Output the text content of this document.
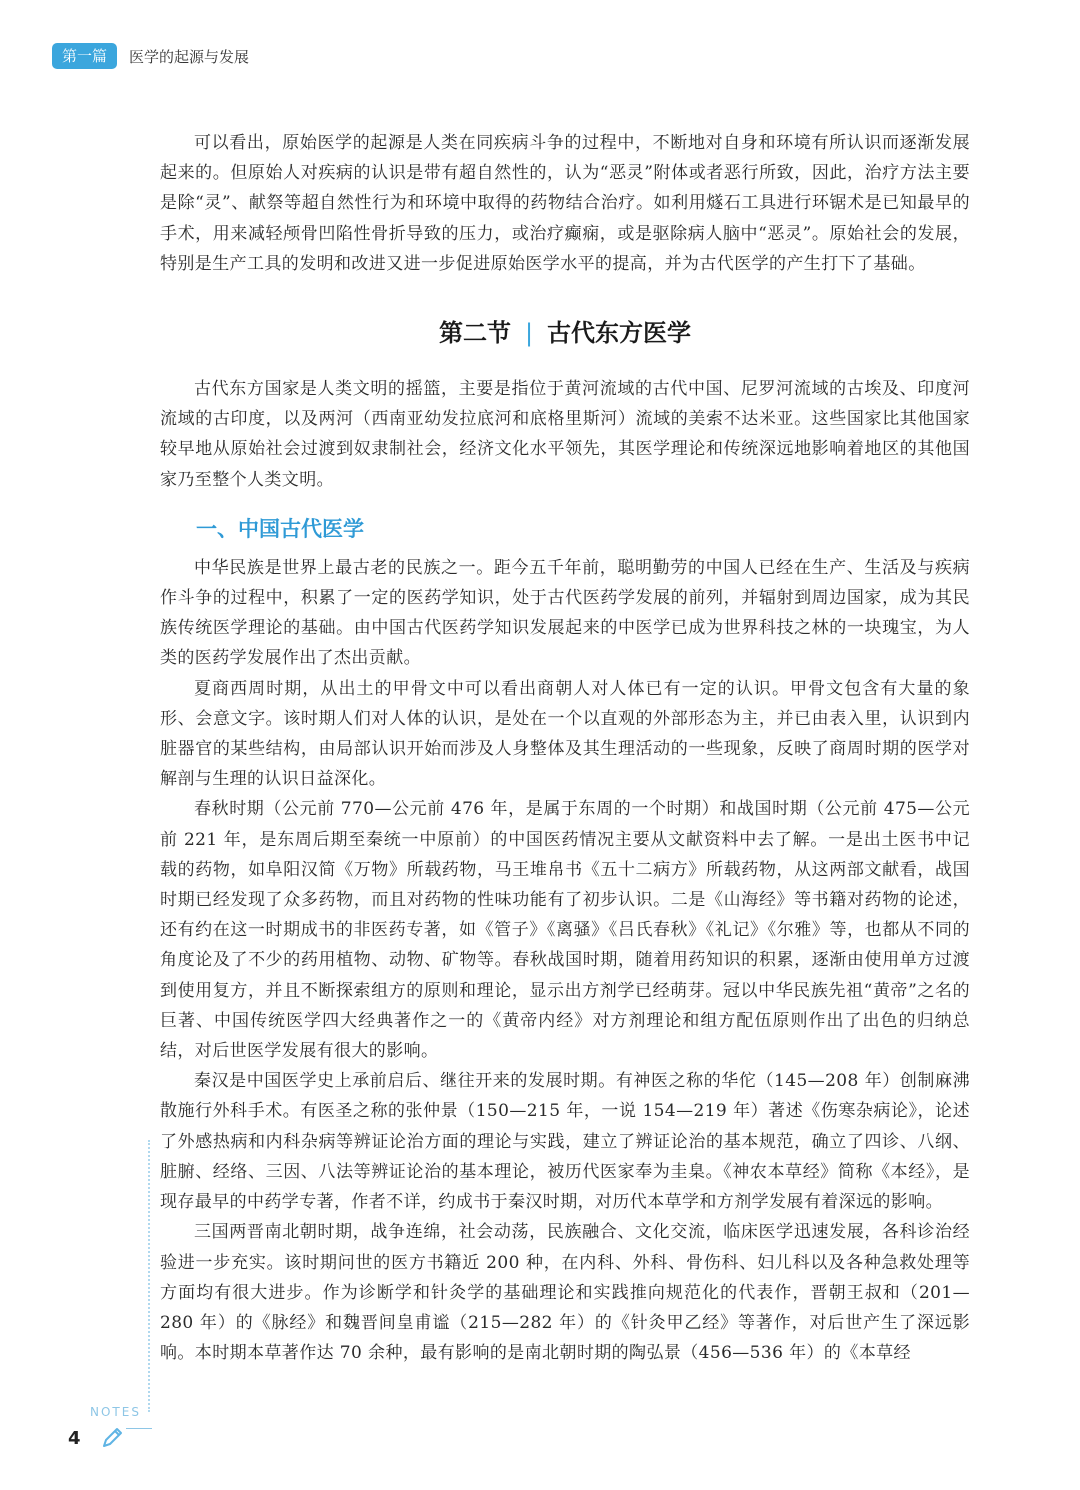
第一篇	医学的起源与发展

可以看出，原始医学的起源是人类在同疾病斗争的过程中，不断地对自身和环境有所认识而逐渐发展起来的。但原始人对疾病的认识是带有超自然性的，认为“恶灵”附体或者恶行所致，因此，治疗方法主要是除“灵”、献祭等超自然性行为和环境中取得的药物结合治疗。如利用燧石工具进行环锯术是已知最早的手术，用来减轻颅骨凹陷性骨折导致的压力，或治疗癫痫，或是驱除病人脑中“恶灵”。原始社会的发展，特别是生产工具的发明和改进又进一步促进原始医学水平的提高，并为古代医学的产生打下了基础。

第二节 | 古代东方医学

古代东方国家是人类文明的摇篮，主要是指位于黄河流域的古代中国、尼罗河流域的古埃及、印度河流域的古印度，以及两河（西南亚幼发拉底河和底格里斯河）流域的美索不达米亚。这些国家比其他国家较早地从原始社会过渡到奴隶制社会，经济文化水平领先，其医学理论和传统深远地影响着地区的其他国家乃至整个人类文明。

一、中国古代医学

中华民族是世界上最古老的民族之一。距今五千年前，聪明勤劳的中国人已经在生产、生活及与疾病作斗争的过程中，积累了一定的医药学知识，处于古代医药学发展的前列，并辐射到周边国家，成为其民族传统医学理论的基础。由中国古代医药学知识发展起来的中医学已成为世界科技之林的一块瑰宝，为人类的医药学发展作出了杰出贡献。

夏商西周时期，从出土的甲骨文中可以看出商朝人对人体已有一定的认识。甲骨文包含有大量的象形、会意文字。该时期人们对人体的认识，是处在一个以直观的外部形态为主，并已由表入里，认识到内脏器官的某些结构，由局部认识开始而涉及人身整体及其生理活动的一些现象，反映了商周时期的医学对解剖与生理的认识日益深化。

春秋时期（公元前 770—公元前 476 年，是属于东周的一个时期）和战国时期（公元前 475—公元前 221 年，是东周后期至秦统一中原前）的中国医药情况主要从文献资料中去了解。一是出土医书中记载的药物，如阜阳汉简《万物》所载药物，马王堆帛书《五十二病方》所载药物，从这两部文献看，战国时期已经发现了众多药物，而且对药物的性味功能有了初步认识。二是《山海经》等书籍对药物的论述，还有约在这一时期成书的非医药专著，如《管子》《离骚》《吕氏春秋》《礼记》《尔雅》等，也都从不同的角度论及了不少的药用植物、动物、矿物等。春秋战国时期，随着用药知识的积累，逐渐由使用单方过渡到使用复方，并且不断探索组方的原则和理论，显示出方剂学已经萌芽。冠以中华民族先祖“黄帝”之名的巨著、中国传统医学四大经典著作之一的《黄帝内经》对方剂理论和组方配伍原则作出了出色的归纳总结，对后世医学发展有很大的影响。

秦汉是中国医学史上承前启后、继往开来的发展时期。有神医之称的华佗（145—208 年）创制麻沸散施行外科手术。有医圣之称的张仲景（150—215 年，一说 154—219 年）著述《伤寒杂病论》，论述了外感热病和内科杂病等辨证论治方面的理论与实践，建立了辨证论治的基本规范，确立了四诊、八纲、脏腑、经络、三因、八法等辨证论治的基本理论，被历代医家奉为圭臬。《神农本草经》简称《本经》，是现存最早的中药学专著，作者不详，约成书于秦汉时期，对历代本草学和方剂学发展有着深远的影响。

三国两晋南北朝时期，战争连绵，社会动荡，民族融合、文化交流，临床医学迅速发展，各科诊治经验进一步充实。该时期问世的医方书籍近 200 种，在内科、外科、骨伤科、妇儿科以及各种急救处理等方面均有很大进步。作为诊断学和针灸学的基础理论和实践推向规范化的代表作，晋朝王叔和（201—280 年）的《脉经》和魏晋间皇甫谧（215—282 年）的《针灸甲乙经》等著作，对后世产生了深远影响。本时期本草著作达 70 余种，最有影响的是南北朝时期的陶弘景（456—536 年）的《本草经

NOTES
4
